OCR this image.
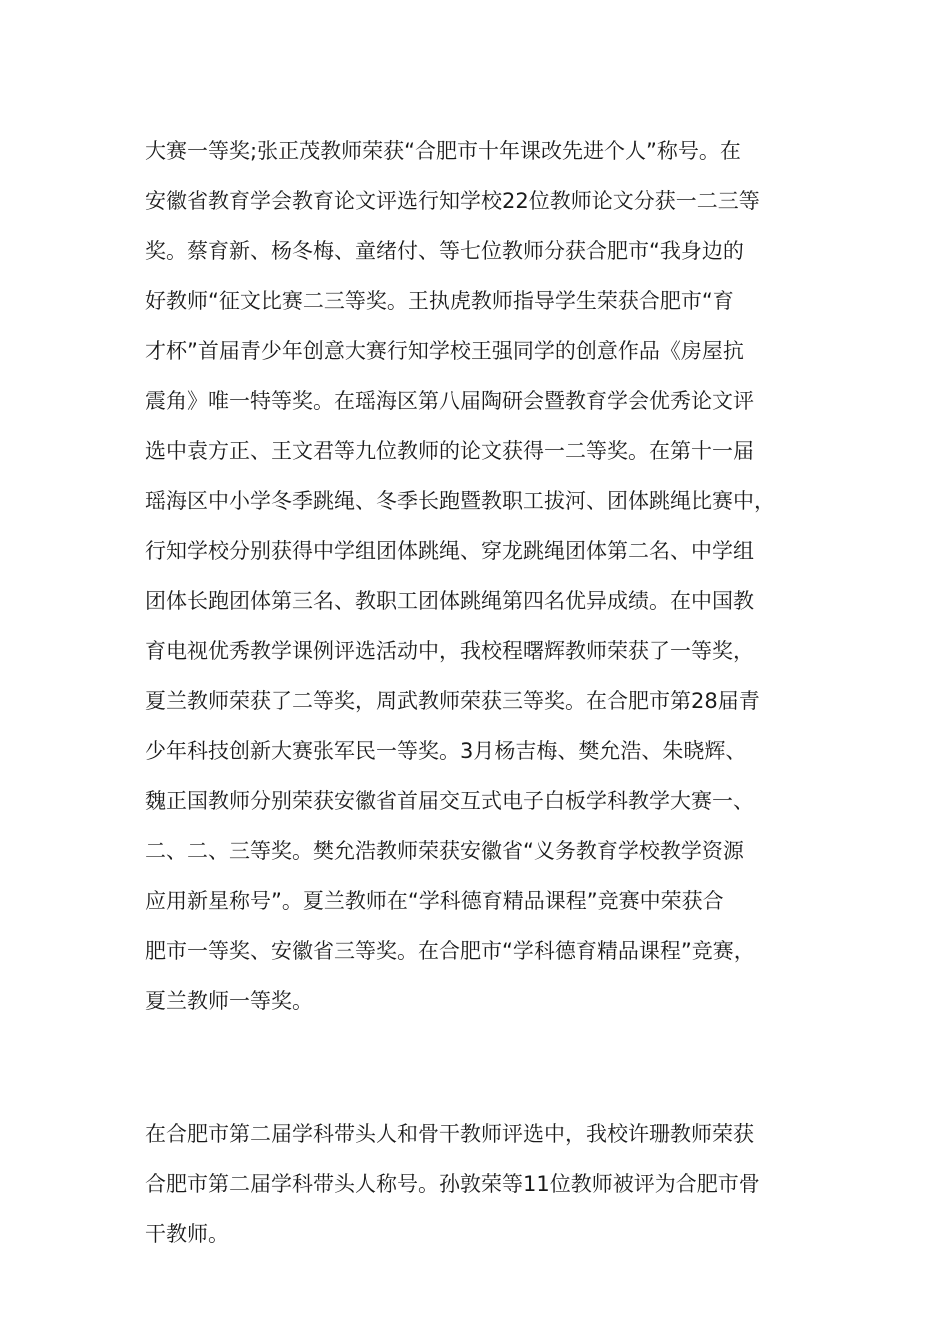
大赛一等奖;张正茂教师荣获“合肥市十年课改先进个人”称号。在
安徽省教育学会教育论文评选行知学校22位教师论文分获一二三等
奖。蔡育新、杨冬梅、童绪付、等七位教师分获合肥市“我身边的
好教师“征文比赛二三等奖。王执虎教师指导学生荣获合肥市“育
才杯”首届青少年创意大赛行知学校王强同学的创意作品《房屋抗
震角》唯一特等奖。在瑶海区第八届陶研会暨教育学会优秀论文评
选中袁方正、王文君等九位教师的论文获得一二等奖。在第十一届
瑶海区中小学冬季跳绳、冬季长跑暨教职工拔河、团体跳绳比赛中，
行知学校分别获得中学组团体跳绳、穿龙跳绳团体第二名、中学组
团体长跑团体第三名、教职工团体跳绳第四名优异成绩。在中国教
育电视优秀教学课例评选活动中，我校程曙辉教师荣获了一等奖，
夏兰教师荣获了二等奖，周武教师荣获三等奖。在合肥市第28届青
少年科技创新大赛张军民一等奖。3月杨吉梅、樊允浩、朱晓辉、
魏正国教师分别荣获安徽省首届交互式电子白板学科教学大赛一、
二、二、三等奖。樊允浩教师荣获安徽省“义务教育学校教学资源
应用新星称号”。夏兰教师在“学科德育精品课程”竞赛中荣获合
肥市一等奖、安徽省三等奖。在合肥市“学科德育精品课程”竞赛，
夏兰教师一等奖。
在合肥市第二届学科带头人和骨干教师评选中，我校许珊教师荣获
合肥市第二届学科带头人称号。孙敦荣等11位教师被评为合肥市骨
干教师。
